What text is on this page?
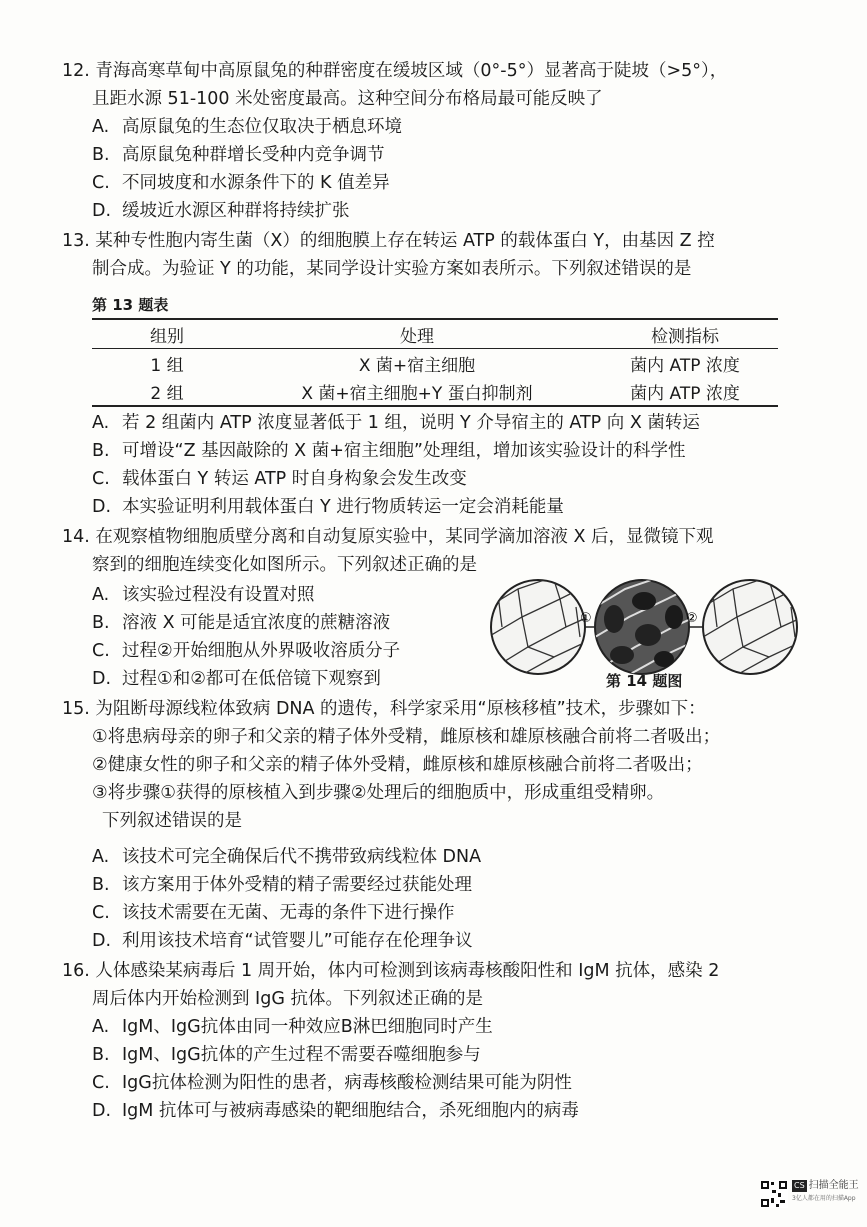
12. 青海高寒草甸中高原鼠兔的种群密度在缓坡区域（0°-5°）显著高于陡坡（>5°），
且距水源 51-100 米处密度最高。这种空间分布格局最可能反映了
A. 高原鼠兔的生态位仅取决于栖息环境
B. 高原鼠兔种群增长受种内竞争调节
C. 不同坡度和水源条件下的 K 值差异
D. 缓坡近水源区种群将持续扩张
13. 某种专性胞内寄生菌（X）的细胞膜上存在转运 ATP 的载体蛋白 Y，由基因 Z 控
制合成。为验证 Y 的功能，某同学设计实验方案如表所示。下列叙述错误的是
第 13 题表
组别	处理	检测指标
1 组	X 菌+宿主细胞	菌内 ATP 浓度
2 组	X 菌+宿主细胞+Y 蛋白抑制剂	菌内 ATP 浓度
A. 若 2 组菌内 ATP 浓度显著低于 1 组，说明 Y 介导宿主的 ATP 向 X 菌转运
B. 可增设“Z 基因敲除的 X 菌+宿主细胞”处理组，增加该实验设计的科学性
C. 载体蛋白 Y 转运 ATP 时自身构象会发生改变
D. 本实验证明利用载体蛋白 Y 进行物质转运一定会消耗能量
14. 在观察植物细胞质壁分离和自动复原实验中，某同学滴加溶液 X 后，显微镜下观
察到的细胞连续变化如图所示。下列叙述正确的是
A. 该实验过程没有设置对照
B. 溶液 X 可能是适宜浓度的蔗糖溶液
C. 过程②开始细胞从外界吸收溶质分子
D. 过程①和②都可在低倍镜下观察到
①	②
第 14 题图
15. 为阻断母源线粒体致病 DNA 的遗传，科学家采用“原核移植”技术，步骤如下：
①将患病母亲的卵子和父亲的精子体外受精，雌原核和雄原核融合前将二者吸出；
②健康女性的卵子和父亲的精子体外受精，雌原核和雄原核融合前将二者吸出；
③将步骤①获得的原核植入到步骤②处理后的细胞质中，形成重组受精卵。
下列叙述错误的是
A. 该技术可完全确保后代不携带致病线粒体 DNA
B. 该方案用于体外受精的精子需要经过获能处理
C. 该技术需要在无菌、无毒的条件下进行操作
D. 利用该技术培育“试管婴儿”可能存在伦理争议
16. 人体感染某病毒后 1 周开始，体内可检测到该病毒核酸阳性和 IgM 抗体，感染 2
周后体内开始检测到 IgG 抗体。下列叙述正确的是
A. IgM、IgG抗体由同一种效应B淋巴细胞同时产生
B. IgM、IgG抗体的产生过程不需要吞噬细胞参与
C. IgG抗体检测为阳性的患者，病毒核酸检测结果可能为阴性
D. IgM 抗体可与被病毒感染的靶细胞结合，杀死细胞内的病毒
CS 扫描全能王
3亿人都在用的扫描App
